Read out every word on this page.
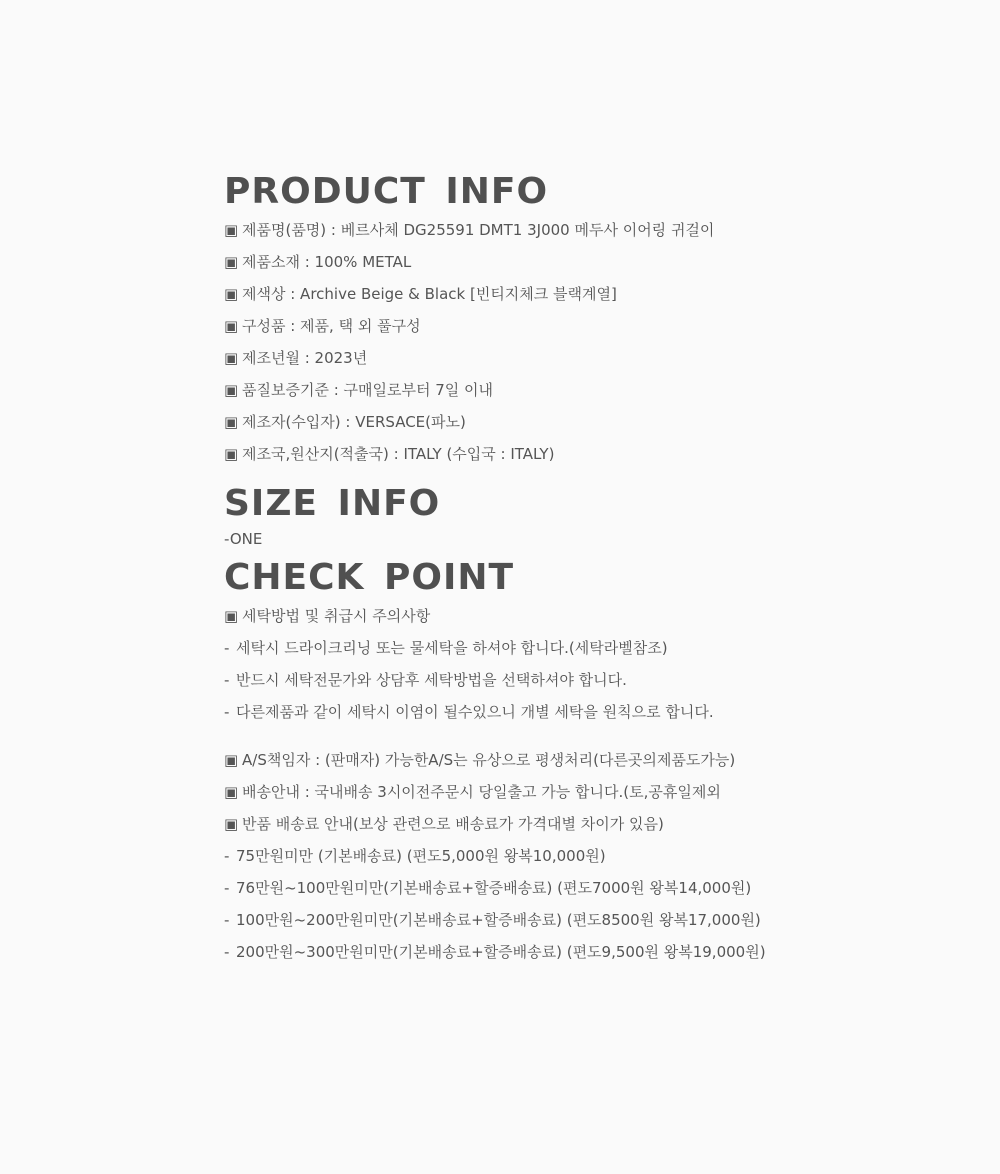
PRODUCT INFO
▣ 제품명(품명) : 베르사체 DG25591 DMT1 3J000 메두사 이어링 귀걸이
▣ 제품소재 : 100% METAL
▣ 제색상 : Archive Beige & Black [빈티지체크 블랙계열]
▣ 구성품 : 제품, 택 외 풀구성
▣ 제조년월 : 2023년
▣ 품질보증기준 : 구매일로부터 7일 이내
▣ 제조자(수입자) : VERSACE(파노)
▣ 제조국,원산지(적출국) : ITALY (수입국 : ITALY)
SIZE INFO
-ONE
CHECK POINT
▣ 세탁방법 및 취급시 주의사항
- 세탁시 드라이크리닝 또는 물세탁을 하셔야 합니다.(세탁라벨참조)
- 반드시 세탁전문가와 상담후 세탁방법을 선택하셔야 합니다.
- 다른제품과 같이 세탁시 이염이 될수있으니 개별 세탁을 원칙으로 합니다.
▣ A/S책임자 : (판매자) 가능한A/S는 유상으로 평생처리(다른곳의제품도가능)
▣ 배송안내 : 국내배송 3시이전주문시 당일출고 가능 합니다.(토,공휴일제외
▣ 반품 배송료 안내(보상 관련으로 배송료가 가격대별 차이가 있음)
- 75만원미만 (기본배송료) (편도5,000원 왕복10,000원)
- 76만원~100만원미만(기본배송료+할증배송료) (편도7000원 왕복14,000원)
- 100만원~200만원미만(기본배송료+할증배송료) (편도8500원 왕복17,000원)
- 200만원~300만원미만(기본배송료+할증배송료) (편도9,500원 왕복19,000원)
